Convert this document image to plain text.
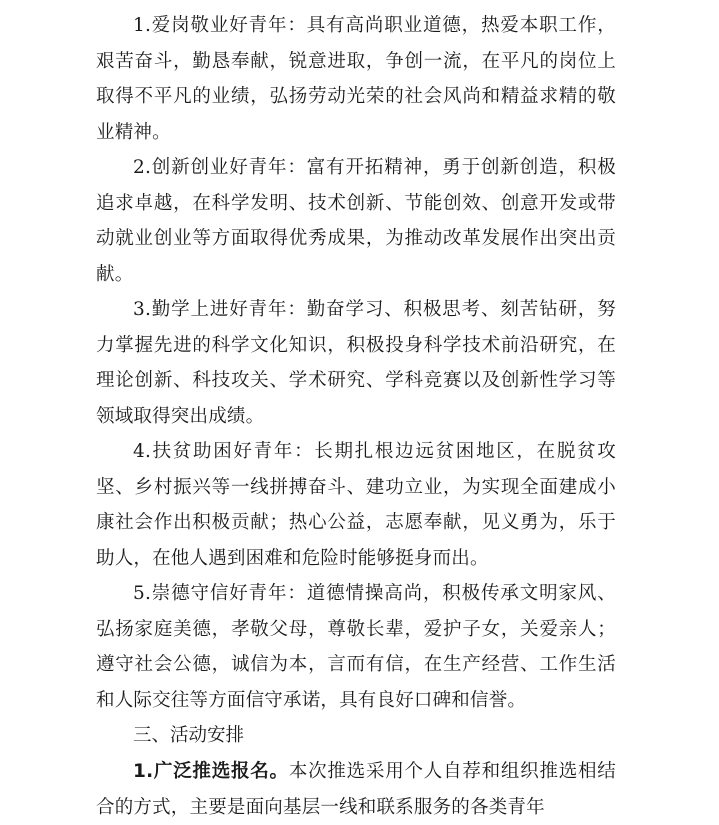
1.爱岗敬业好青年：具有高尚职业道德，热爱本职工作，艰苦奋斗，勤恳奉献，锐意进取，争创一流，在平凡的岗位上取得不平凡的业绩，弘扬劳动光荣的社会风尚和精益求精的敬业精神。

2.创新创业好青年：富有开拓精神，勇于创新创造，积极追求卓越，在科学发明、技术创新、节能创效、创意开发或带动就业创业等方面取得优秀成果，为推动改革发展作出突出贡献。

3.勤学上进好青年：勤奋学习、积极思考、刻苦钻研，努力掌握先进的科学文化知识，积极投身科学技术前沿研究，在理论创新、科技攻关、学术研究、学科竞赛以及创新性学习等领域取得突出成绩。

4.扶贫助困好青年：长期扎根边远贫困地区，在脱贫攻坚、乡村振兴等一线拼搏奋斗、建功立业，为实现全面建成小康社会作出积极贡献；热心公益，志愿奉献，见义勇为，乐于助人，在他人遇到困难和危险时能够挺身而出。

5.崇德守信好青年：道德情操高尚，积极传承文明家风、弘扬家庭美德，孝敬父母，尊敬长辈，爱护子女，关爱亲人；遵守社会公德，诚信为本，言而有信，在生产经营、工作生活和人际交往等方面信守承诺，具有良好口碑和信誉。

三、活动安排

1.广泛推选报名。本次推选采用个人自荐和组织推选相结合的方式，主要是面向基层一线和联系服务的各类青年
